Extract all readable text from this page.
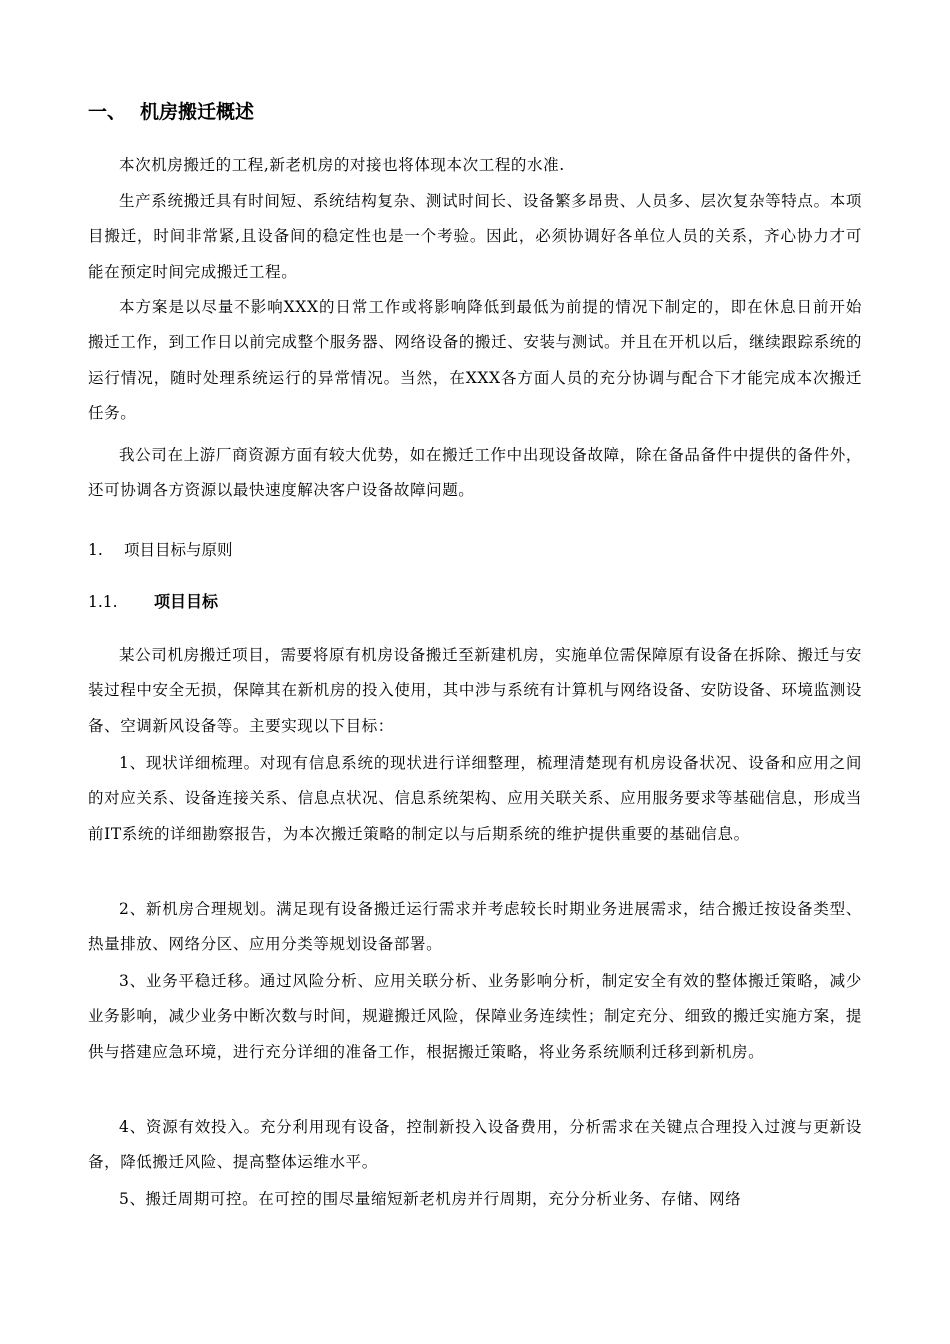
一、 机房搬迁概述

本次机房搬迁的工程,新老机房的对接也将体现本次工程的水准.

生产系统搬迁具有时间短、系统结构复杂、测试时间长、设备繁多昂贵、人员多、层次复杂等特点。本项目搬迁，时间非常紧,且设备间的稳定性也是一个考验。因此，必须协调好各单位人员的关系，齐心协力才可能在预定时间完成搬迁工程。

本方案是以尽量不影响XXX的日常工作或将影响降低到最低为前提的情况下制定的，即在休息日前开始搬迁工作，到工作日以前完成整个服务器、网络设备的搬迁、安装与测试。并且在开机以后，继续跟踪系统的运行情况，随时处理系统运行的异常情况。当然，在XXX各方面人员的充分协调与配合下才能完成本次搬迁任务。

我公司在上游厂商资源方面有较大优势，如在搬迁工作中出现设备故障，除在备品备件中提供的备件外，还可协调各方资源以最快速度解决客户设备故障问题。

1. 项目目标与原则
1.1. 项目目标

某公司机房搬迁项目，需要将原有机房设备搬迁至新建机房，实施单位需保障原有设备在拆除、搬迁与安装过程中安全无损，保障其在新机房的投入使用，其中涉与系统有计算机与网络设备、安防设备、环境监测设备、空调新风设备等。主要实现以下目标：

1、现状详细梳理。对现有信息系统的现状进行详细整理，梳理清楚现有机房设备状况、设备和应用之间的对应关系、设备连接关系、信息点状况、信息系统架构、应用关联关系、应用服务要求等基础信息，形成当前IT系统的详细勘察报告，为本次搬迁策略的制定以与后期系统的维护提供重要的基础信息。

2、新机房合理规划。满足现有设备搬迁运行需求并考虑较长时期业务进展需求，结合搬迁按设备类型、热量排放、网络分区、应用分类等规划设备部署。

3、业务平稳迁移。通过风险分析、应用关联分析、业务影响分析，制定安全有效的整体搬迁策略，减少业务影响，减少业务中断次数与时间，规避搬迁风险，保障业务连续性；制定充分、细致的搬迁实施方案，提供与搭建应急环境，进行充分详细的准备工作，根据搬迁策略，将业务系统顺利迁移到新机房。

4、资源有效投入。充分利用现有设备，控制新投入设备费用，分析需求在关键点合理投入过渡与更新设备，降低搬迁风险、提高整体运维水平。

5、搬迁周期可控。在可控的围尽量缩短新老机房并行周期，充分分析业务、存储、网络
